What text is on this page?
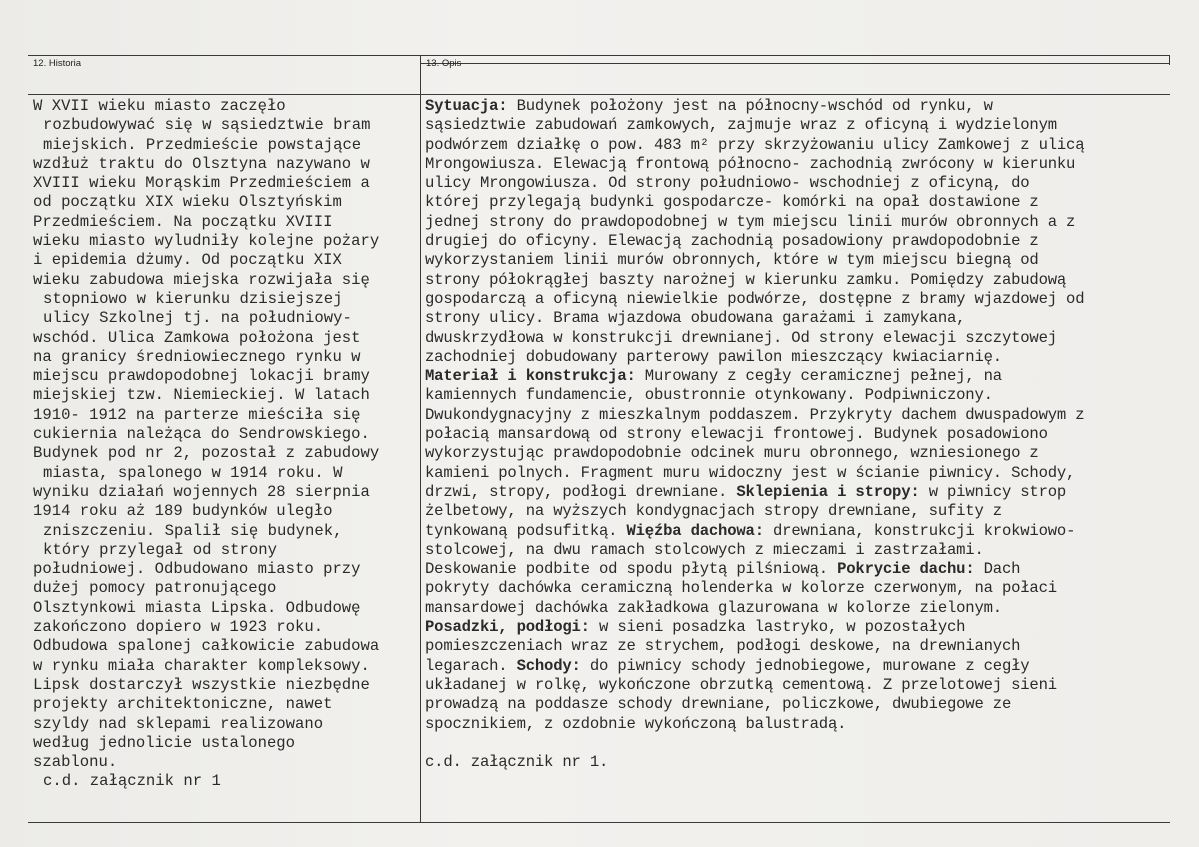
12. Historia	13. Opis
W XVII wieku miasto zaczęło
rozbudowywać się w sąsiedztwie bram
miejskich. Przedmieście powstające
wzdłuż traktu do Olsztyna nazywano w
XVIII wieku Morąskim Przedmieściem a
od początku XIX wieku Olsztyńskim
Przedmieściem. Na początku XVIII
wieku miasto wyludniły kolejne pożary
i epidemia dżumy. Od początku XIX
wieku zabudowa miejska rozwijała się
stopniowo w kierunku dzisiejszej
ulicy Szkolnej tj. na południowy-
wschód. Ulica Zamkowa położona jest
na granicy średniowiecznego rynku w
miejscu prawdopodobnej lokacji bramy
miejskiej tzw. Niemieckiej. W latach
1910- 1912 na parterze mieściła się
cukiernia należąca do Sendrowskiego.
Budynek pod nr 2, pozostał z zabudowy
miasta, spalonego w 1914 roku. W
wyniku działań wojennych 28 sierpnia
1914 roku aż 189 budynków uległo
zniszczeniu. Spalił się budynek,
który przylegał od strony
południowej. Odbudowano miasto przy
dużej pomocy patronującego
Olsztynkowi miasta Lipska. Odbudowę
zakończono dopiero w 1923 roku.
Odbudowa spalonej całkowicie zabudowa
w rynku miała charakter kompleksowy.
Lipsk dostarczył wszystkie niezbędne
projekty architektoniczne, nawet
szyldy nad sklepami realizowano
według jednolicie ustalonego
szablonu.
c.d. załącznik nr 1
Sytuacja: Budynek położony jest na północny-wschód od rynku, w
sąsiedztwie zabudowań zamkowych, zajmuje wraz z oficyną i wydzielonym
podwórzem działkę o pow. 483 m² przy skrzyżowaniu ulicy Zamkowej z ulicą
Mrongowiusza. Elewacją frontową północno- zachodnią zwrócony w kierunku
ulicy Mrongowiusza. Od strony południowo- wschodniej z oficyną, do
której przylegają budynki gospodarcze- komórki na opał dostawione z
jednej strony do prawdopodobnej w tym miejscu linii murów obronnych a z
drugiej do oficyny. Elewacją zachodnią posadowiony prawdopodobnie z
wykorzystaniem linii murów obronnych, które w tym miejscu biegną od
strony półokrągłej baszty narożnej w kierunku zamku. Pomiędzy zabudową
gospodarczą a oficyną niewielkie podwórze, dostępne z bramy wjazdowej od
strony ulicy. Brama wjazdowa obudowana garażami i zamykana,
dwuskrzydłowa w konstrukcji drewnianej. Od strony elewacji szczytowej
zachodniej dobudowany parterowy pawilon mieszczący kwiaciarnię.
Materiał i konstrukcja: Murowany z cegły ceramicznej pełnej, na
kamiennych fundamencie, obustronnie otynkowany. Podpiwniczony.
Dwukondygnacyjny z mieszkalnym poddaszem. Przykryty dachem dwuspadowym z
połacią mansardową od strony elewacji frontowej. Budynek posadowiono
wykorzystując prawdopodobnie odcinek muru obronnego, wzniesionego z
kamieni polnych. Fragment muru widoczny jest w ścianie piwnicy. Schody,
drzwi, stropy, podłogi drewniane. Sklepienia i stropy: w piwnicy strop
żelbetowy, na wyższych kondygnacjach stropy drewniane, sufity z
tynkowaną podsufitką. Więźba dachowa: drewniana, konstrukcji krokwiowo-
stolcowej, na dwu ramach stolcowych z mieczami i zastrzałami.
Deskowanie podbite od spodu płytą pilśniową. Pokrycie dachu: Dach
pokryty dachówka ceramiczną holenderka w kolorze czerwonym, na połaci
mansardowej dachówka zakładkowa glazurowana w kolorze zielonym.
Posadzki, podłogi: w sieni posadzka lastryko, w pozostałych
pomieszczeniach wraz ze strychem, podłogi deskowe, na drewnianych
legarach. Schody: do piwnicy schody jednobiegowe, murowane z cegły
układanej w rolkę, wykończone obrzutką cementową. Z przelotowej sieni
prowadzą na poddasze schody drewniane, policzkowe, dwubiegowe ze
spocznikiem, z ozdobnie wykończoną balustradą.
c.d. załącznik nr 1.
